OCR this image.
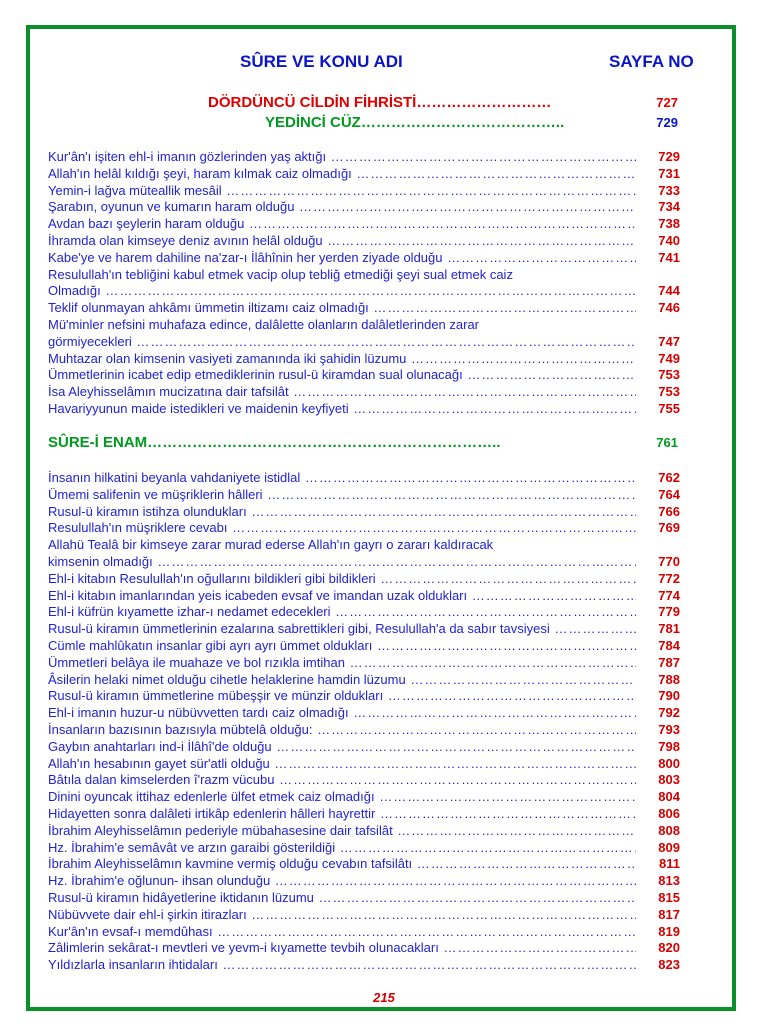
SÛRE VE KONU ADI	SAYFA NO
DÖRDÜNCÜ CİLDİN FİHRİSTİ………………………	727
YEDİNCİ CÜZ…………………………………..	729
Kur'ân'ı işiten ehl-i imanın gözlerinden yaş aktığı ………………………………………………………………………………………………………………………………………………………………	729
Allah'ın helâl kıldığı şeyi, haram kılmak caiz olmadığı ………………………………………………………………………………………………………………………………………………………………	731
Yemin-i lağva müteallik mesâil ………………………………………………………………………………………………………………………………………………………………	733
Şarabın, oyunun ve kumarın haram olduğu ………………………………………………………………………………………………………………………………………………………………	734
Avdan bazı şeylerin haram olduğu ………………………………………………………………………………………………………………………………………………………………	738
İhramda olan kimseye deniz avının helâl olduğu ………………………………………………………………………………………………………………………………………………………………	740
Kabe'ye ve harem dahiline na'zar-ı İlâhînin her yerden ziyade olduğu ………………………………………………………………………………………………………………………………………………………………	741
Resulullah'ın tebliğini kabul etmek vacip olup tebliğ etmediği şeyi sual etmek caiz
Olmadığı ………………………………………………………………………………………………………………………………………………………………	744
Teklif olunmayan ahkâmı ümmetin iltizamı caiz olmadığı ………………………………………………………………………………………………………………………………………………………………	746
Mü'minler nefsini muhafaza edince, dalâlette olanların dalâletlerinden zarar
görmiyecekleri ………………………………………………………………………………………………………………………………………………………………	747
Muhtazar olan kimsenin vasiyeti zamanında iki şahidin lüzumu ………………………………………………………………………………………………………………………………………………………………	749
Ümmetlerinin icabet edip etmediklerinin rusul-ü kiramdan sual olunacağı ………………………………………………………………………………………………………………………………………………………………	753
İsa Aleyhisselâmın mucizatına dair tafsilât ………………………………………………………………………………………………………………………………………………………………	753
Havariyyunun maide istedikleri ve maidenin keyfiyeti ………………………………………………………………………………………………………………………………………………………………	755
SÛRE-İ ENAM……………………………………………………………..	761
İnsanın hilkatini beyanla vahdaniyete istidlal ………………………………………………………………………………………………………………………………………………………………	762
Ümemi salifenin ve müşriklerin hâlleri ………………………………………………………………………………………………………………………………………………………………	764
Rusul-ü kiramın istihza olundukları ………………………………………………………………………………………………………………………………………………………………	766
Resulullah'ın müşriklere cevabı ………………………………………………………………………………………………………………………………………………………………	769
Allahü Tealâ bir kimseye zarar murad ederse Allah'ın gayrı o zararı kaldıracak
kimsenin olmadığı ………………………………………………………………………………………………………………………………………………………………	770
Ehl-i kitabın Resulullah'ın oğullarını bildikleri gibi bildikleri ………………………………………………………………………………………………………………………………………………………………	772
Ehl-i kitabın imanlarından yeis icabeden evsaf ve imandan uzak oldukları ………………………………………………………………………………………………………………………………………………………………	774
Ehl-i küfrün kıyamette izhar-ı nedamet edecekleri ………………………………………………………………………………………………………………………………………………………………	779
Rusul-ü kiramın ümmetlerinin ezalarına sabrettikleri gibi, Resulullah'a da sabır tavsiyesi ………………………………………………………………………………………………………………………………………………………………	781
Cümle mahlûkatın insanlar gibi ayrı ayrı ümmet oldukları ………………………………………………………………………………………………………………………………………………………………	784
Ümmetleri belâya ile muahaze ve bol rızıkla imtihan ………………………………………………………………………………………………………………………………………………………………	787
Âsilerin helaki nimet olduğu cihetle helaklerine hamdin lüzumu ………………………………………………………………………………………………………………………………………………………………	788
Rusul-ü kiramın ümmetlerine mübeşşir ve münzir oldukları ………………………………………………………………………………………………………………………………………………………………	790
Ehl-i imanın huzur-u nübüvvetten tardı caiz olmadığı ………………………………………………………………………………………………………………………………………………………………	792
İnsanların bazısının bazısıyla mübtelâ olduğu: ………………………………………………………………………………………………………………………………………………………………	793
Gaybın anahtarları ind-i İlâhî'de olduğu ………………………………………………………………………………………………………………………………………………………………	798
Allah'ın hesabının gayet sür'atli olduğu ………………………………………………………………………………………………………………………………………………………………	800
Bâtıla dalan kimselerden î'razm vücubu ………………………………………………………………………………………………………………………………………………………………	803
Dinini oyuncak ittihaz edenlerle ülfet etmek caiz olmadığı ………………………………………………………………………………………………………………………………………………………………	804
Hidayetten sonra dalâleti irtikâp edenlerin hâlleri hayrettir ………………………………………………………………………………………………………………………………………………………………	806
İbrahim Aleyhisselâmın pederiyle mübahasesine dair tafsilât ………………………………………………………………………………………………………………………………………………………………	808
Hz. İbrahim'e semâvât ve arzın garaibi gösterildiği ………………………………………………………………………………………………………………………………………………………………	809
İbrahim Aleyhisselâmın kavmine vermiş olduğu cevabın tafsilâtı ………………………………………………………………………………………………………………………………………………………………	811
Hz. İbrahim'e oğlunun- ihsan olunduğu ………………………………………………………………………………………………………………………………………………………………	813
Rusul-ü kiramın hidâyetlerine iktidanın lüzumu ………………………………………………………………………………………………………………………………………………………………	815
Nübüvvete dair ehl-i şirkin itirazları ………………………………………………………………………………………………………………………………………………………………	817
Kur'ân'ın evsaf-ı memdûhası ………………………………………………………………………………………………………………………………………………………………	819
Zâlimlerin sekârat-ı mevtleri ve yevm-i kıyamette tevbih olunacakları ………………………………………………………………………………………………………………………………………………………………	820
Yıldızlarla insanların ihtidaları ………………………………………………………………………………………………………………………………………………………………	823
215
